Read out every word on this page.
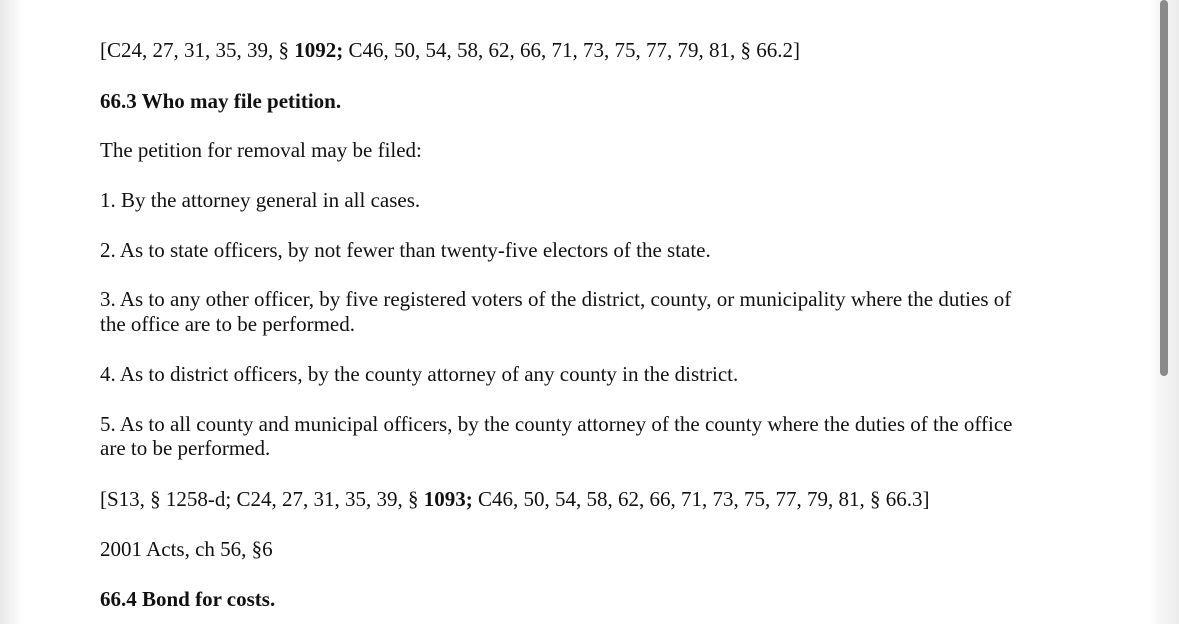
[C24, 27, 31, 35, 39, § 1092; C46, 50, 54, 58, 62, 66, 71, 73, 75, 77, 79, 81, § 66.2]
66.3 Who may file petition.
The petition for removal may be filed:
1. By the attorney general in all cases.
2. As to state officers, by not fewer than twenty-five electors of the state.
3. As to any other officer, by five registered voters of the district, county, or municipality where the duties of
the office are to be performed.
4. As to district officers, by the county attorney of any county in the district.
5. As to all county and municipal officers, by the county attorney of the county where the duties of the office
are to be performed.
[S13, § 1258-d; C24, 27, 31, 35, 39, § 1093; C46, 50, 54, 58, 62, 66, 71, 73, 75, 77, 79, 81, § 66.3]
2001 Acts, ch 56, §6
66.4 Bond for costs.
